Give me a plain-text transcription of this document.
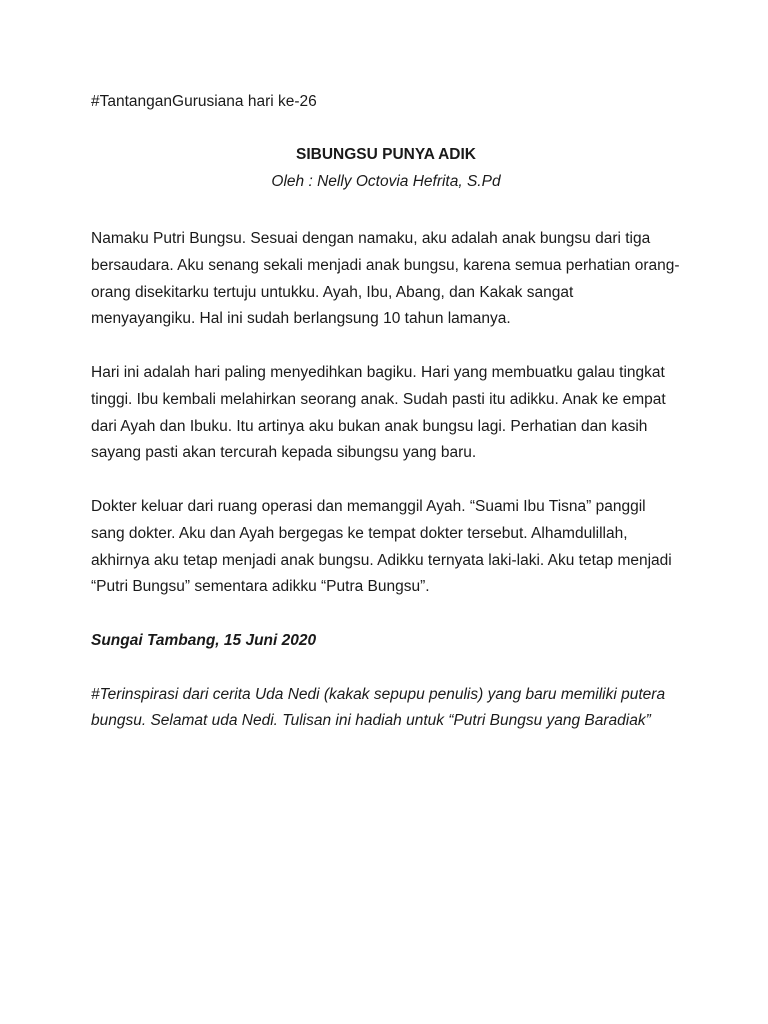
#TantanganGurusiana hari ke-26

SIBUNGSU PUNYA ADIK

Oleh : Nelly Octovia Hefrita, S.Pd

Namaku Putri Bungsu. Sesuai dengan namaku, aku adalah anak bungsu dari tiga bersaudara. Aku senang sekali menjadi anak bungsu, karena semua perhatian orang-orang disekitarku tertuju untukku. Ayah, Ibu, Abang, dan Kakak sangat menyayangiku. Hal ini sudah berlangsung 10 tahun lamanya.

Hari ini adalah hari paling menyedihkan bagiku. Hari yang membuatku galau tingkat tinggi. Ibu kembali melahirkan seorang anak. Sudah pasti itu adikku. Anak ke empat dari Ayah dan Ibuku. Itu artinya aku bukan anak bungsu lagi. Perhatian dan kasih sayang pasti akan tercurah kepada sibungsu yang baru.

Dokter keluar dari ruang operasi dan memanggil Ayah. “Suami Ibu Tisna” panggil sang dokter. Aku dan Ayah bergegas ke tempat dokter tersebut. Alhamdulillah, akhirnya aku tetap menjadi anak bungsu. Adikku ternyata laki-laki. Aku tetap menjadi “Putri Bungsu” sementara adikku “Putra Bungsu”.

Sungai Tambang, 15 Juni 2020

#Terinspirasi dari cerita Uda Nedi (kakak sepupu penulis) yang baru memiliki putera bungsu. Selamat uda Nedi. Tulisan ini hadiah untuk “Putri Bungsu yang Baradiak”
